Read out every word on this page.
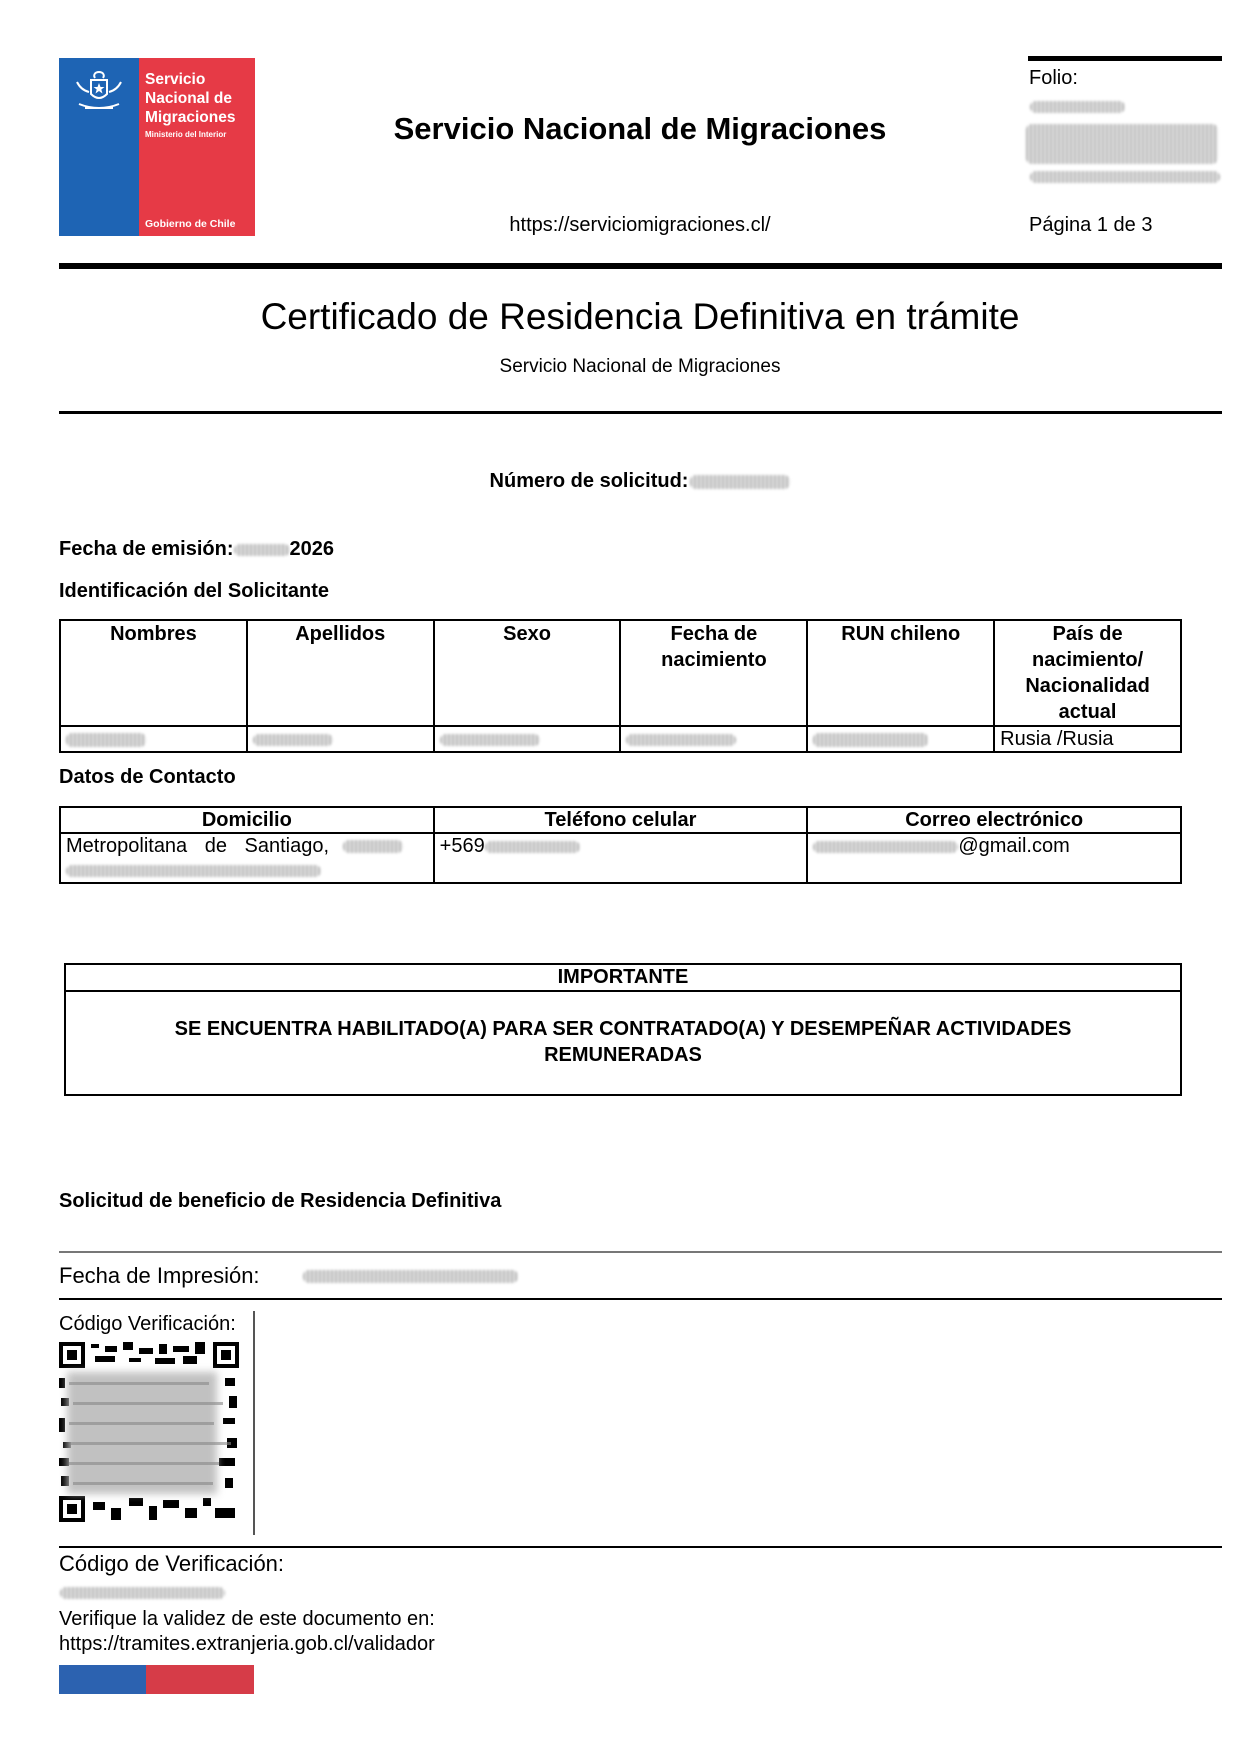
Servicio
Nacional de
Migraciones
Ministerio del Interior
Gobierno de Chile
Servicio Nacional de Migraciones
https://serviciomigraciones.cl/
Folio:
Página 1 de 3
Certificado de Residencia Definitiva en trámite
Servicio Nacional de Migraciones
Número de solicitud:
Fecha de emisión:	2026
Identificación del Solicitante
Nombres	Apellidos	Sexo	Fecha de nacimiento	RUN chileno	País de nacimiento/ Nacionalidad actual
					Rusia /Rusia
Datos de Contacto
Domicilio	Teléfono celular	Correo electrónico
Metropolitana de Santiago,	+569	@gmail.com
IMPORTANTE
SE ENCUENTRA HABILITADO(A) PARA SER CONTRATADO(A) Y DESEMPEÑAR ACTIVIDADES REMUNERADAS
Solicitud de beneficio de Residencia Definitiva
Fecha de Impresión:
Código Verificación:
Código de Verificación:
Verifique la validez de este documento en:
https://tramites.extranjeria.gob.cl/validador
